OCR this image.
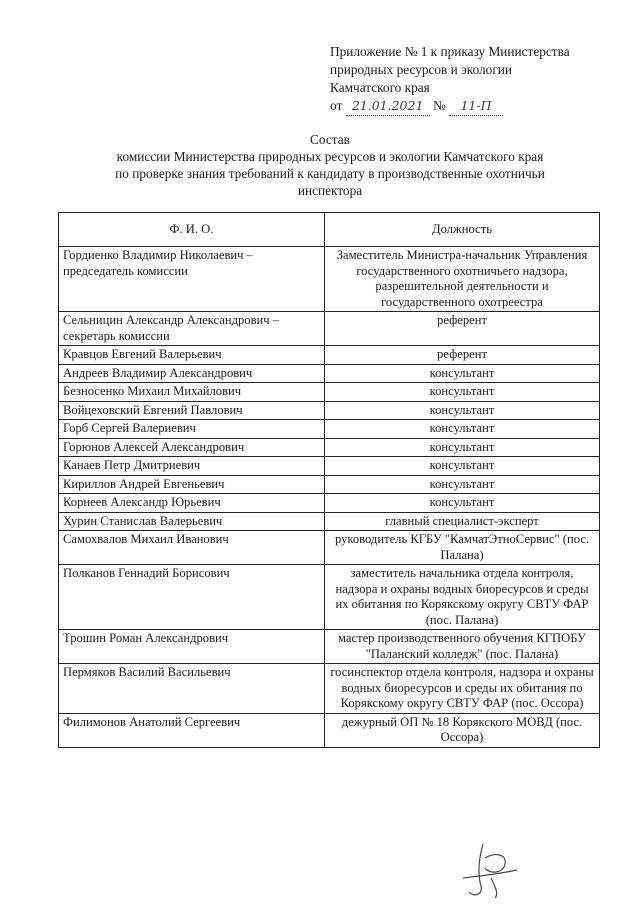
Приложение № 1 к приказу Министерства
природных ресурсов и экологии
Камчатского края
от 21.01.2021 № 11-П
Состав
комиссии Министерства природных ресурсов и экологии Камчатского края
по проверке знания требований к кандидату в производственные охотничьи
инспектора
Ф. И. О.	Должность
Гордиенко Владимир Николаевич – председатель комиссии	Заместитель Министра-начальник Управления государственного охотничьего надзора, разрешительной деятельности и государственного охотреестра
Сельницин Александр Александрович – секретарь комиссии	референт
Кравцов Евгений Валерьевич	референт
Андреев Владимир Александрович	консультант
Безносенко Михаил Михайлович	консультант
Войцеховский Евгений Павлович	консультант
Горб Сергей Валериевич	консультант
Горюнов Алексей Александрович	консультант
Канаев Петр Дмитриевич	консультант
Кириллов Андрей Евгеньевич	консультант
Корнеев Александр Юрьевич	консультант
Хурин Станислав Валерьевич	главный специалист-эксперт
Самохвалов Михаил Иванович	руководитель КГБУ "КамчатЭтноСервис" (пос. Палана)
Полканов Геннадий Борисович	заместитель начальника отдела контроля, надзора и охраны водных биоресурсов и среды их обитания по Корякскому округу СВТУ ФАР (пос. Палана)
Трошин Роман Александрович	мастер производственного обучения КГПОБУ "Паланский колледж" (пос. Палана)
Пермяков Василий Васильевич	госинспектор отдела контроля, надзора и охраны водных биоресурсов и среды их обитания по Корякскому округу СВТУ ФАР (пос. Оссора)
Филимонов Анатолий Сергеевич	дежурный ОП № 18 Корякского МОВД (пос. Оссора)
